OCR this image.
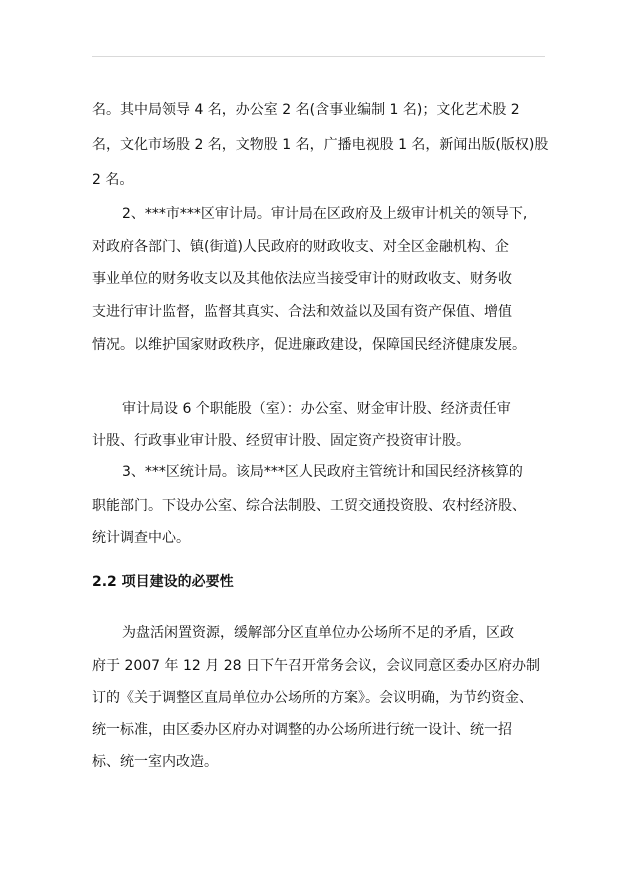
名。其中局领导 4 名，办公室 2 名(含事业编制 1 名)；文化艺术股 2
名，文化市场股 2 名，文物股 1 名，广播电视股 1 名，新闻出版(版权)股
2 名。
2、***市***区审计局。审计局在区政府及上级审计机关的领导下,
对政府各部门、镇(街道)人民政府的财政收支、对全区金融机构、企
事业单位的财务收支以及其他依法应当接受审计的财政收支、财务收
支进行审计监督，监督其真实、合法和效益以及国有资产保值、增值
情况。以维护国家财政秩序，促进廉政建设，保障国民经济健康发展。
审计局设 6 个职能股（室）：办公室、财金审计股、经济责任审
计股、行政事业审计股、经贸审计股、固定资产投资审计股。
3、***区统计局。该局***区人民政府主管统计和国民经济核算的
职能部门。下设办公室、综合法制股、工贸交通投资股、农村经济股、
统计调查中心。
2.2 项目建设的必要性
为盘活闲置资源，缓解部分区直单位办公场所不足的矛盾，区政
府于 2007 年 12 月 28 日下午召开常务会议，会议同意区委办区府办制
订的《关于调整区直局单位办公场所的方案》。会议明确，为节约资金、
统一标准，由区委办区府办对调整的办公场所进行统一设计、统一招
标、统一室内改造。
